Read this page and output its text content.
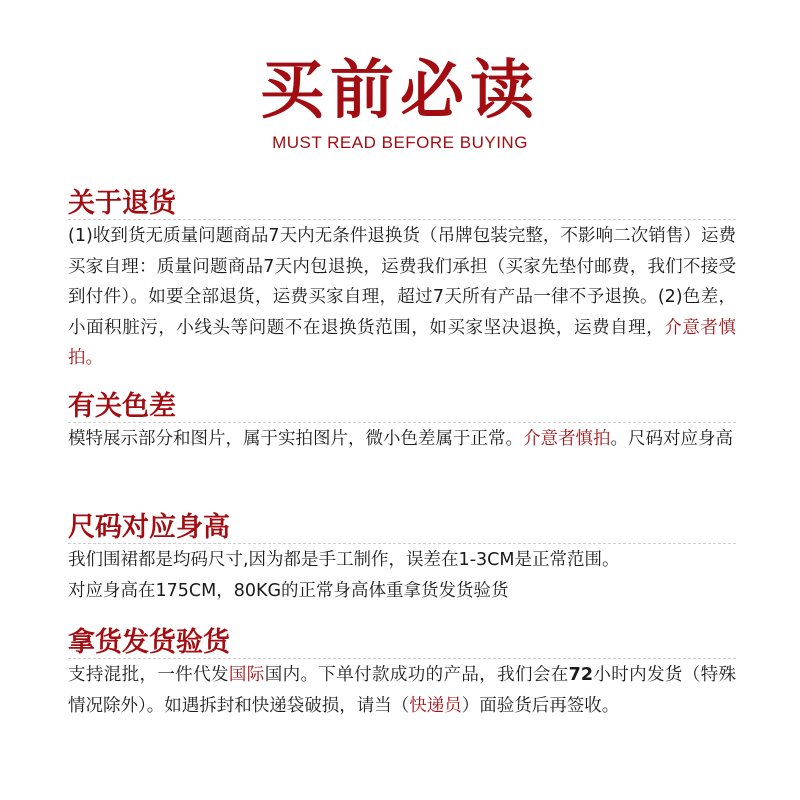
买前必读
MUST READ BEFORE BUYING
关于退货
(1)收到货无质量问题商品7天内无条件退换货（吊牌包装完整，不影响二次销售）运费买家自理：质量问题商品7天内包退换，运费我们承担（买家先垫付邮费，我们不接受到付件）。如要全部退货，运费买家自理，超过7天所有产品一律不予退换。(2)色差，小面积脏污，小线头等问题不在退换货范围，如买家坚决退换，运费自理，介意者慎拍。
有关色差
模特展示部分和图片，属于实拍图片，微小色差属于正常。介意者慎拍。尺码对应身高
尺码对应身高
我们围裙都是均码尺寸,因为都是手工制作，误差在1-3CM是正常范围。
对应身高在175CM，80KG的正常身高体重拿货发货验货
拿货发货验货
支持混批，一件代发国际国内。下单付款成功的产品，我们会在72小时内发货（特殊情况除外）。如遇拆封和快递袋破损，请当（快递员）面验货后再签收。
